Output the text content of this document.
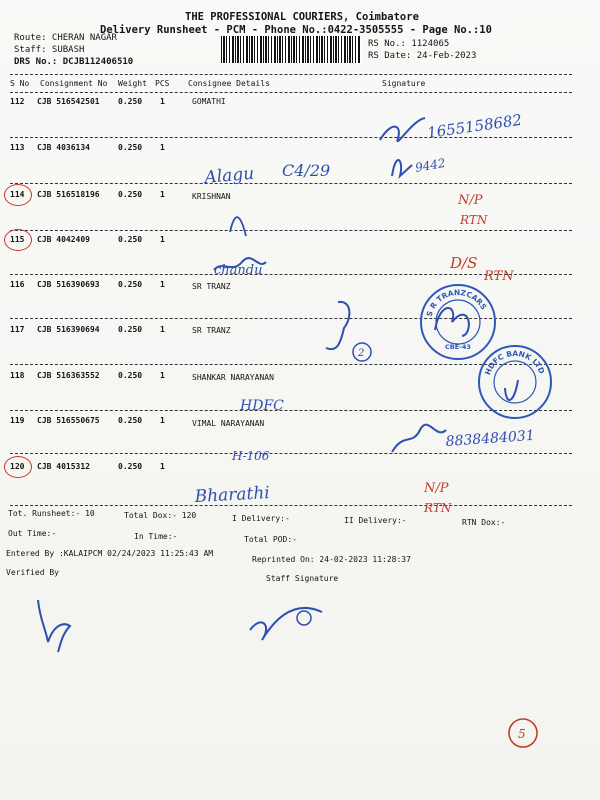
THE PROFESSIONAL COURIERS, Coimbatore
Delivery Runsheet - PCM - Phone No.:0422-3505555 - Page No.:10
Route: CHERAN NAGAR
Staff: SUBASH
DRS No.: DCJB112406510
RS No.: 1124065
RS Date: 24-Feb-2023
S No Consignment No Weight PCS Consignee Details	Signature
112 CJB 516542501 0.250 1	GOMATHI
113 CJB 4036134	0.250 1
114 CJB 516518196 0.250 1	KRISHNAN
115 CJB 4042409	0.250 1
116 CJB 516390693 0.250 1	SR TRANZ
117 CJB 516390694 0.250 1	SR TRANZ
118 CJB 516363552 0.250 1	SHANKAR NARAYANAN
119 CJB 516550675 0.250 1	VIMAL NARAYANAN
120 CJB 4015312	0.250 1
Tot. Runsheet:- 10	Total Dox:- 120	I Delivery:-	II Delivery:-	RTN Dox:-
Out Time:-	In Time:-	Total POD:-
Entered By :KALAIPCM 02/24/2023 11:25:43 AM
Reprinted On: 24-02-2023 11:28:37
Verified By
Staff Signature
S R TRANZCARS
CBE-43
HDFC BANK LTD
1655158682
Alagu C4/29	9442
chandu
2
HDFC
8838484031
H-106
Bharathi
N/P
RTN
D/S
RTN
N/P
RTN
5
